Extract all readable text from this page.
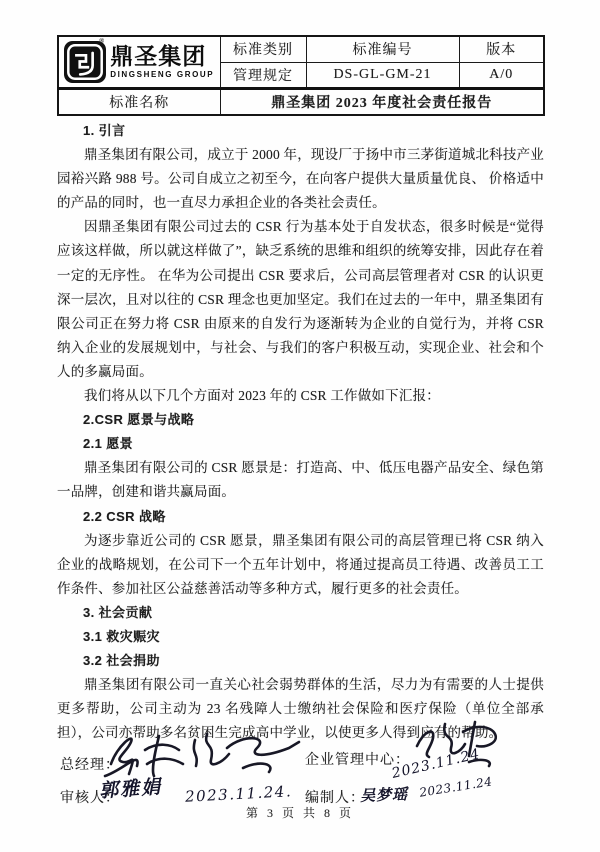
®
鼎圣集团
DINGSHENG GROUP	标准类别	标准编号	版本
	管理规定	DS-GL-GM-21	A/0
标准名称	鼎圣集团 2023 年度社会责任报告		

1. 引言

鼎圣集团有限公司，成立于 2000 年，现设厂于扬中市三茅街道城北科技产业园裕兴路 988 号。公司自成立之初至今，在向客户提供大量质量优良、 价格适中的产品的同时，也一直尽力承担企业的各类社会责任。

因鼎圣集团有限公司过去的 CSR 行为基本处于自发状态，很多时候是“觉得应该这样做，所以就这样做了”，缺乏系统的思维和组织的统筹安排，因此存在着一定的无序性。 在华为公司提出 CSR 要求后，公司高层管理者对 CSR 的认识更深一层次，且对以往的 CSR 理念也更加坚定。我们在过去的一年中，鼎圣集团有限公司正在努力将 CSR 由原来的自发行为逐渐转为企业的自觉行为，并将 CSR 纳入企业的发展规划中，与社会、与我们的客户积极互动，实现企业、社会和个人的多赢局面。

我们将从以下几个方面对 2023 年的 CSR 工作做如下汇报：

2.CSR 愿景与战略

2.1 愿景

鼎圣集团有限公司的 CSR 愿景是：打造高、中、低压电器产品安全、绿色第一品牌，创建和谐共赢局面。

2.2 CSR 战略

为逐步靠近公司的 CSR 愿景，鼎圣集团有限公司的高层管理已将 CSR 纳入企业的战略规划，在公司下一个五年计划中，将通过提高员工待遇、改善员工工作条件、参加社区公益慈善活动等多种方式，履行更多的社会责任。

3. 社会贡献

3.1 救灾赈灾

3.2 社会捐助

鼎圣集团有限公司一直关心社会弱势群体的生活，尽力为有需要的人士提供更多帮助，公司主动为 23 名残障人士缴纳社会保险和医疗保险（单位全部承担），公司亦帮助多名贫困生完成高中学业，以使更多人得到应有的帮助。

总经理：	企业管理中心：
2023.11.24
审核人：
郭雅娟 2023.11.24. 编制人：
吴梦瑶 2023.11.24
第 3 页 共 8 页
